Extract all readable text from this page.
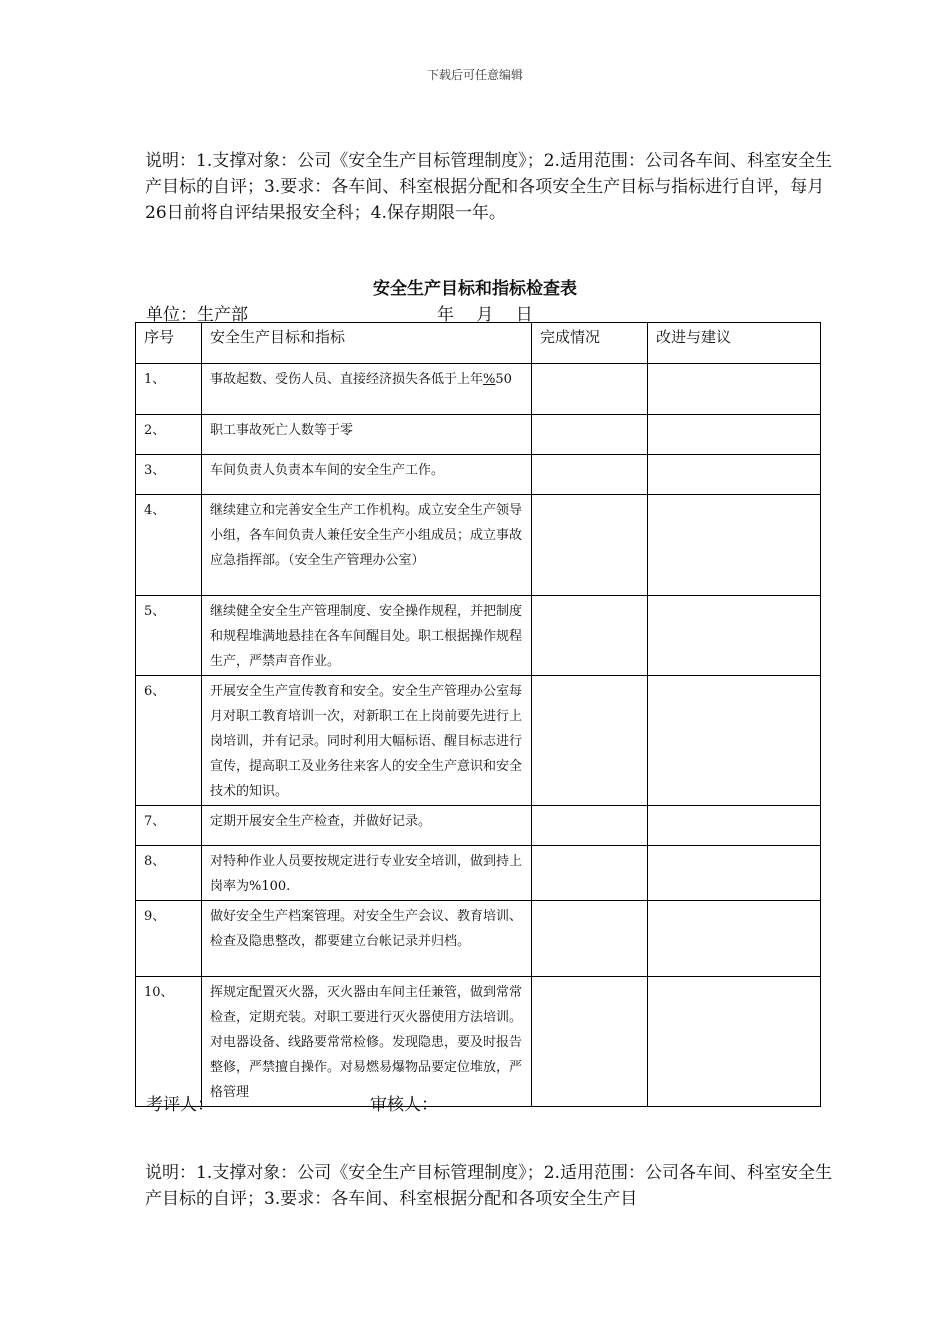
下载后可任意编辑

说明：1.支撑对象：公司《安全生产目标管理制度》；2.适用范围：公司各车间、科室安全生产目标的自评；3.要求：各车间、科室根据分配和各项安全生产目标与指标进行自评，每月26日前将自评结果报安全科；4.保存期限一年。

安全生产目标和指标检查表
单位：生产部	年　 月　 日
序号	安全生产目标和指标	完成情况	改进与建议
1、	事故起数、受伤人员、直接经济损失各低于上年%50		
2、	职工事故死亡人数等于零		
3、	车间负责人负责本车间的安全生产工作。		
4、	继续建立和完善安全生产工作机构。成立安全生产领导小组，各车间负责人兼任安全生产小组成员；成立事故应急指挥部。（安全生产管理办公室）		
5、	继续健全安全生产管理制度、安全操作规程，并把制度和规程堆满地悬挂在各车间醒目处。职工根据操作规程生产，严禁声音作业。		
6、	开展安全生产宣传教育和安全。安全生产管理办公室每月对职工教育培训一次，对新职工在上岗前要先进行上岗培训，并有记录。同时利用大幅标语、醒目标志进行宣传，提高职工及业务往来客人的安全生产意识和安全技术的知识。		
7、	定期开展安全生产检查，并做好记录。		
8、	对特种作业人员要按规定进行专业安全培训，做到持上岗率为%100.		
9、	做好安全生产档案管理。对安全生产会议、教育培训、检查及隐患整改，都要建立台帐记录并归档。		
10、	挥规定配置灭火器，灭火器由车间主任兼管，做到常常检查，定期充装。对职工要进行灭火器使用方法培训。对电器设备、线路要常常检修。发现隐患，要及时报告整修，严禁擅自操作。对易燃易爆物品要定位堆放，严格管理		
考评人：	审核人：

说明：1.支撑对象：公司《安全生产目标管理制度》；2.适用范围：公司各车间、科室安全生产目标的自评；3.要求：各车间、科室根据分配和各项安全生产目
